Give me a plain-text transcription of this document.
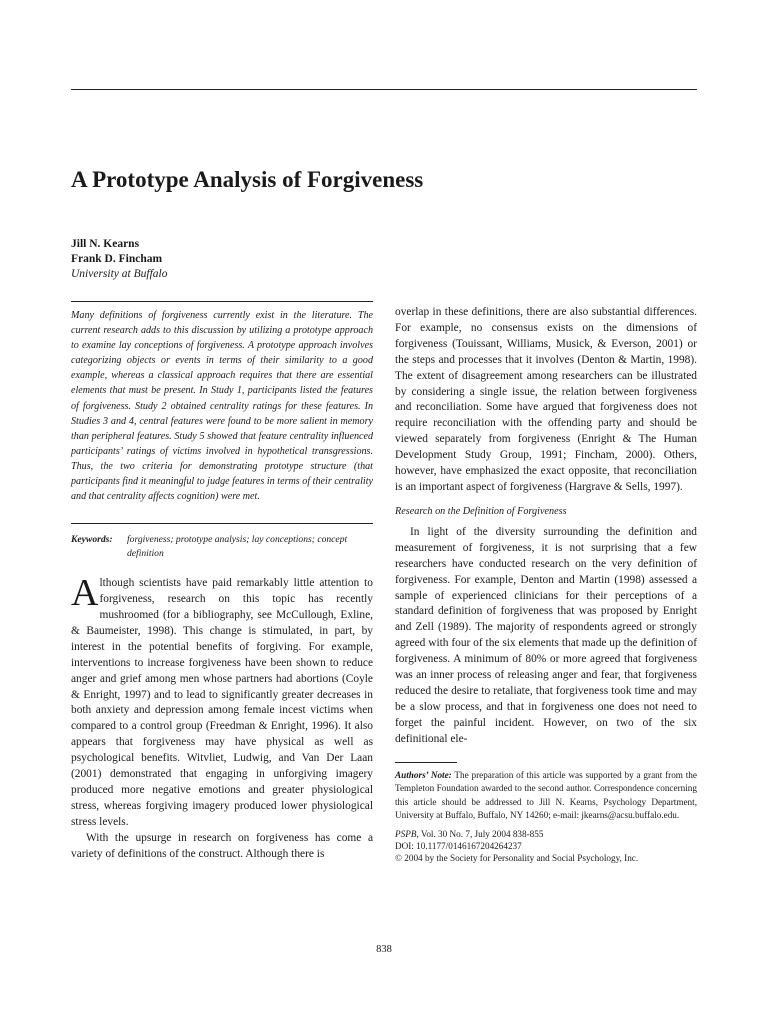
A Prototype Analysis of Forgiveness
Jill N. Kearns
Frank D. Fincham
University at Buffalo

Many definitions of forgiveness currently exist in the literature. The current research adds to this discussion by utilizing a prototype approach to examine lay conceptions of forgiveness. A prototype approach involves categorizing objects or events in terms of their similarity to a good example, whereas a classical approach requires that there are essential elements that must be present. In Study 1, participants listed the features of forgiveness. Study 2 obtained centrality ratings for these features. In Studies 3 and 4, central features were found to be more salient in memory than peripheral features. Study 5 showed that feature centrality influenced participants’ ratings of victims involved in hypothetical transgressions. Thus, the two criteria for demonstrating prototype structure (that participants find it meaningful to judge features in terms of their centrality and that centrality affects cognition) were met.

Keywords:	forgiveness; prototype analysis; lay conceptions; concept definition

Although scientists have paid remarkably little attention to forgiveness, research on this topic has recently mushroomed (for a bibliography, see McCullough, Exline, & Baumeister, 1998). This change is stimulated, in part, by interest in the potential benefits of forgiving. For example, interventions to increase forgiveness have been shown to reduce anger and grief among men whose partners had abortions (Coyle & Enright, 1997) and to lead to significantly greater decreases in both anxiety and depression among female incest victims when compared to a control group (Freedman & Enright, 1996). It also appears that forgiveness may have physical as well as psychological benefits. Witvliet, Ludwig, and Van Der Laan (2001) demonstrated that engaging in unforgiving imagery produced more negative emotions and greater physiological stress, whereas forgiving imagery produced lower physiological stress levels.

With the upsurge in research on forgiveness has come a variety of definitions of the construct. Although there is

overlap in these definitions, there are also substantial differences. For example, no consensus exists on the dimensions of forgiveness (Touissant, Williams, Musick, & Everson, 2001) or the steps and processes that it involves (Denton & Martin, 1998). The extent of disagreement among researchers can be illustrated by considering a single issue, the relation between forgiveness and reconciliation. Some have argued that forgiveness does not require reconciliation with the offending party and should be viewed separately from forgiveness (Enright & The Human Development Study Group, 1991; Fincham, 2000). Others, however, have emphasized the exact opposite, that reconciliation is an important aspect of forgiveness (Hargrave & Sells, 1997).

Research on the Definition of Forgiveness

In light of the diversity surrounding the definition and measurement of forgiveness, it is not surprising that a few researchers have conducted research on the very definition of forgiveness. For example, Denton and Martin (1998) assessed a sample of experienced clinicians for their perceptions of a standard definition of forgiveness that was proposed by Enright and Zell (1989). The majority of respondents agreed or strongly agreed with four of the six elements that made up the definition of forgiveness. A minimum of 80% or more agreed that forgiveness was an inner process of releasing anger and fear, that forgiveness reduced the desire to retaliate, that forgiveness took time and may be a slow process, and that in forgiveness one does not need to forget the painful incident. However, on two of the six definitional ele-

Authors’ Note: The preparation of this article was supported by a grant from the Templeton Foundation awarded to the second author. Correspondence concerning this article should be addressed to Jill N. Kearns, Psychology Department, University at Buffalo, Buffalo, NY 14260; e-mail: jkearns@acsu.buffalo.edu.
PSPB, Vol. 30 No. 7, July 2004 838-855
DOI: 10.1177/0146167204264237
© 2004 by the Society for Personality and Social Psychology, Inc.
838
